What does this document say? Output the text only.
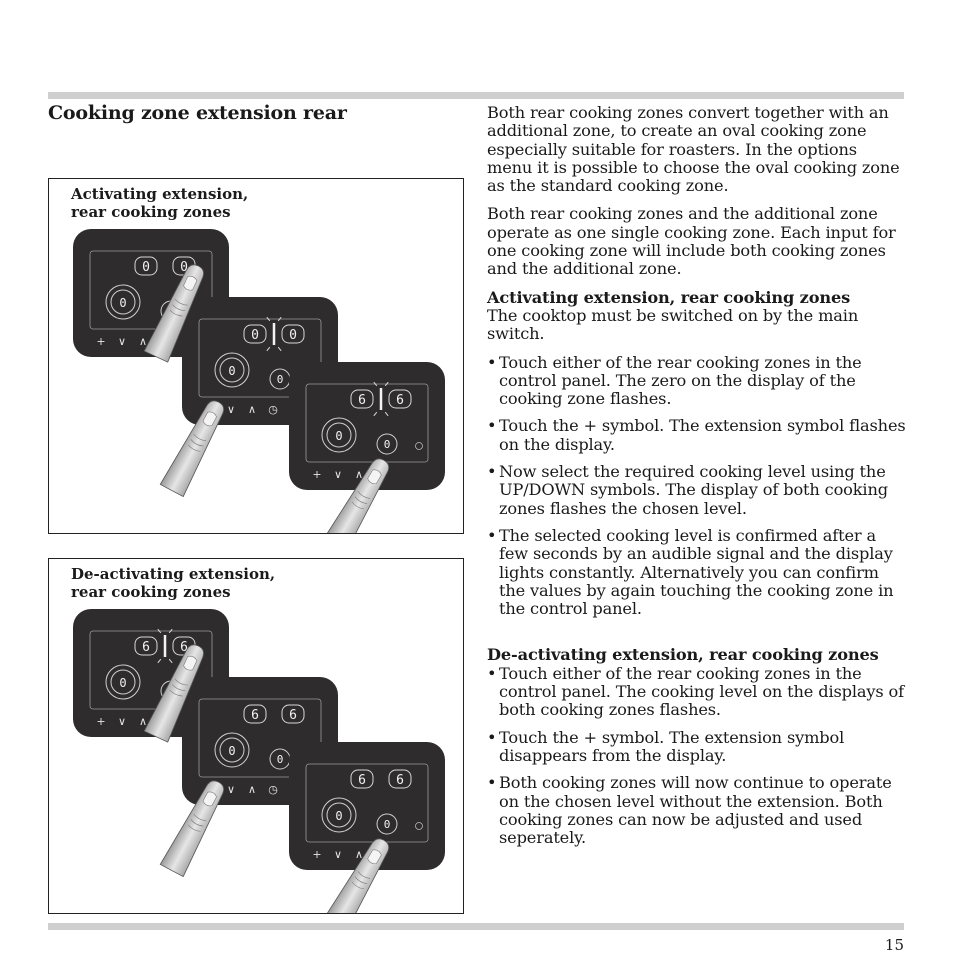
Cooking zone extension rear
0 0
0
+ ∨ ∧	0 0
0
0
∨ ∧ ◷
6 6
0
0
+ ∨ ∧
Activating extension,
rear cooking zones
6 6
0
+ ∨ ∧	6 6
0
0
∨ ∧ ◷
6 6
0
0
+ ∨ ∧
De-activating extension,
rear cooking zones

Both rear cooking zones convert together with an additional zone, to create an oval cooking zone especially suitable for roasters. In the options menu it is possible to choose the oval cooking zone as the standard cooking zone.

Both rear cooking zones and the additional zone operate as one single cooking zone. Each input for one cooking zone will include both cooking zones and the additional zone.

Activating extension, rear cooking zones

The cooktop must be switched on by the main switch.

• Touch either of the rear cooking zones in the control panel. The zero on the display of the cooking zone flashes.

• Touch the + symbol. The extension symbol flashes on the display.

• Now select the required cooking level using the UP/DOWN symbols. The display of both cooking zones flashes the chosen level.

• The selected cooking level is confirmed after a few seconds by an audible signal and the display lights constantly. Alternatively you can confirm the values by again touching the cooking zone in the control panel.

De-activating extension, rear cooking zones

• Touch either of the rear cooking zones in the control panel. The cooking level on the displays of both cooking zones flashes.

• Touch the + symbol. The extension symbol disappears from the display.

• Both cooking zones will now continue to operate on the chosen level without the extension. Both cooking zones can now be adjusted and used seperately.

15
